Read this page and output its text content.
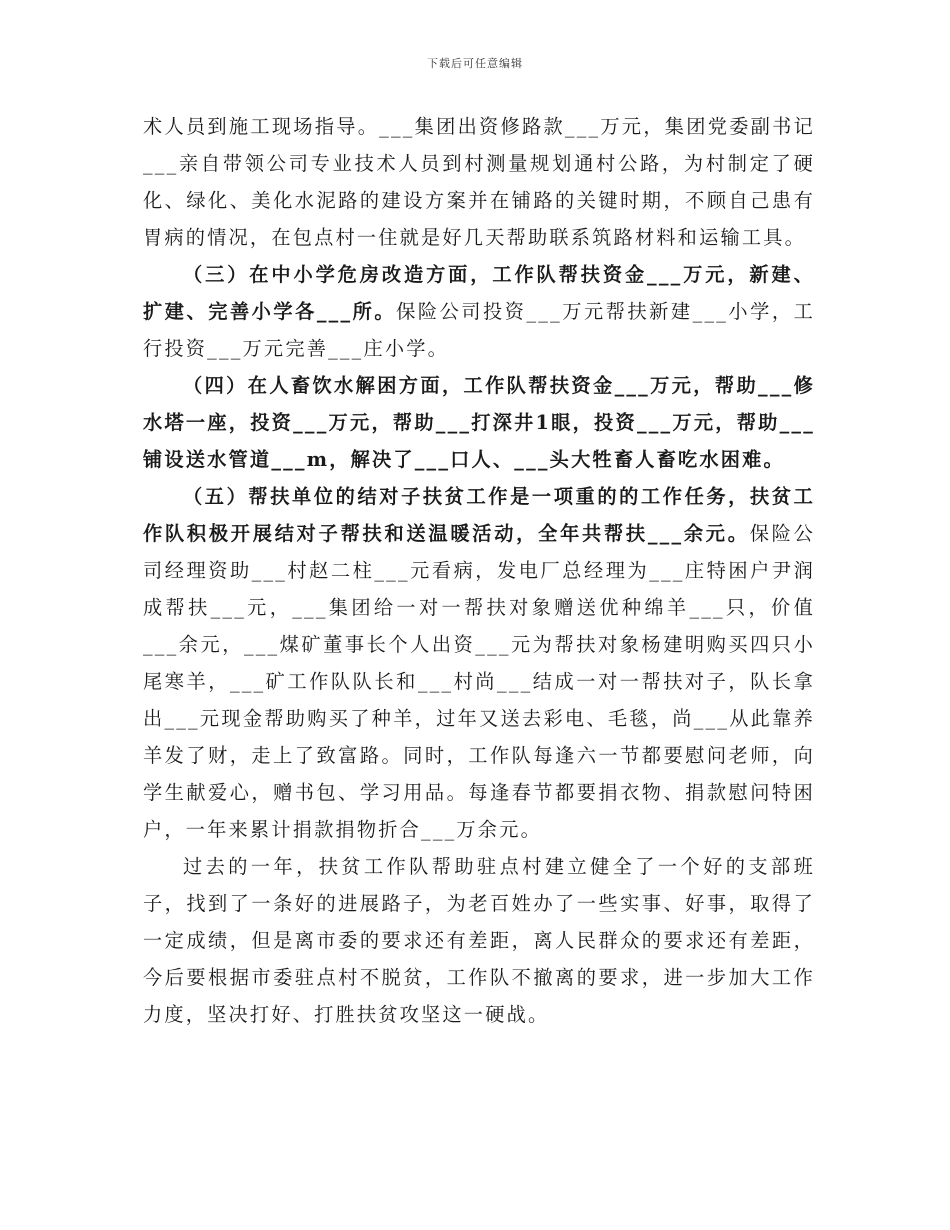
下载后可任意编辑

术人员到施工现场指导。___集团出资修路款___万元，集团党委副书记___亲自带领公司专业技术人员到村测量规划通村公路，为村制定了硬化、绿化、美化水泥路的建设方案并在铺路的关键时期，不顾自己患有胃病的情况，在包点村一住就是好几天帮助联系筑路材料和运输工具。

（三）在中小学危房改造方面，工作队帮扶资金___万元，新建、扩建、完善小学各___所。保险公司投资___万元帮扶新建___小学，工行投资___万元完善___庄小学。

（四）在人畜饮水解困方面，工作队帮扶资金___万元，帮助___修水塔一座，投资___万元，帮助___打深井1眼，投资___万元，帮助___铺设送水管道___m，解决了___口人、___头大牲畜人畜吃水困难。

（五）帮扶单位的结对子扶贫工作是一项重的的工作任务，扶贫工作队积极开展结对子帮扶和送温暖活动，全年共帮扶___余元。保险公司经理资助___村赵二柱___元看病，发电厂总经理为___庄特困户尹润成帮扶___元，___集团给一对一帮扶对象赠送优种绵羊___只，价值___余元，___煤矿董事长个人出资___元为帮扶对象杨建明购买四只小尾寒羊，___矿工作队队长和___村尚___结成一对一帮扶对子，队长拿出___元现金帮助购买了种羊，过年又送去彩电、毛毯，尚___从此靠养羊发了财，走上了致富路。同时，工作队每逢六一节都要慰问老师，向学生献爱心，赠书包、学习用品。每逢春节都要捐衣物、捐款慰问特困户，一年来累计捐款捐物折合___万余元。

过去的一年，扶贫工作队帮助驻点村建立健全了一个好的支部班子，找到了一条好的进展路子，为老百姓办了一些实事、好事，取得了一定成绩，但是离市委的要求还有差距，离人民群众的要求还有差距，今后要根据市委驻点村不脱贫，工作队不撤离的要求，进一步加大工作力度，坚决打好、打胜扶贫攻坚这一硬战。
